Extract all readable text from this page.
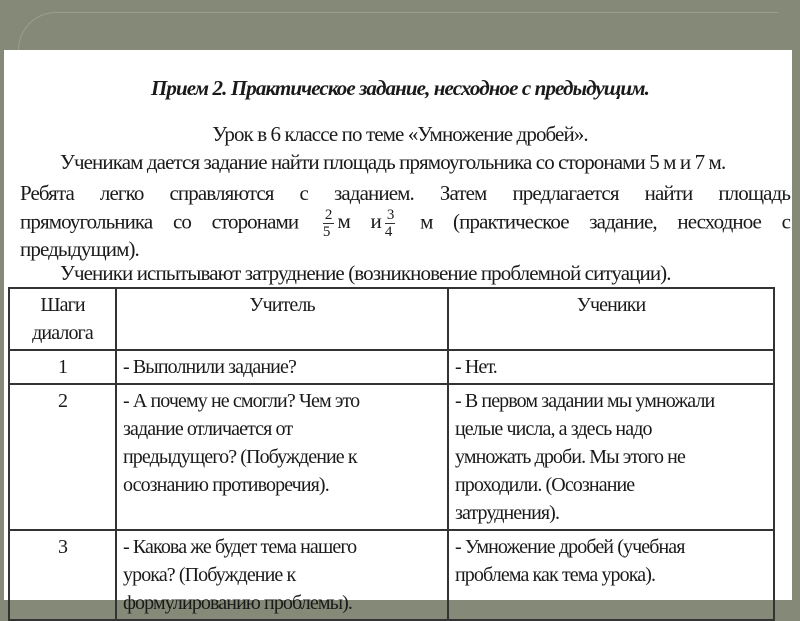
Прием 2. Практическое задание, несходное с предыдущим.
Урок в 6 классе по теме «Умножение дробей».
Ученикам дается задание найти площадь прямоугольника со сторонами 5 м и 7 м.
Ребята легко справляются с заданием. Затем предлагается найти площадь
прямоугольника со сторонами $\frac{2}{5}$ м и $\frac{3}{4}$ м (практическое задание, несходное с
предыдущим).
Ученики испытывают затруднение (возникновение проблемной ситуации).
Шаги
диалога	Учитель	Ученики
1	- Выполнили задание?	- Нет.
2	- А почему не смогли? Чем это
задание отличается от
предыдущего? (Побуждение к
осознанию противоречия).	- В первом задании мы умножали
целые числа, а здесь надо
умножать дроби. Мы этого не
проходили. (Осознание
затруднения).
3	- Какова же будет тема нашего
урока? (Побуждение к
формулированию проблемы).	- Умножение дробей (учебная
проблема как тема урока).
